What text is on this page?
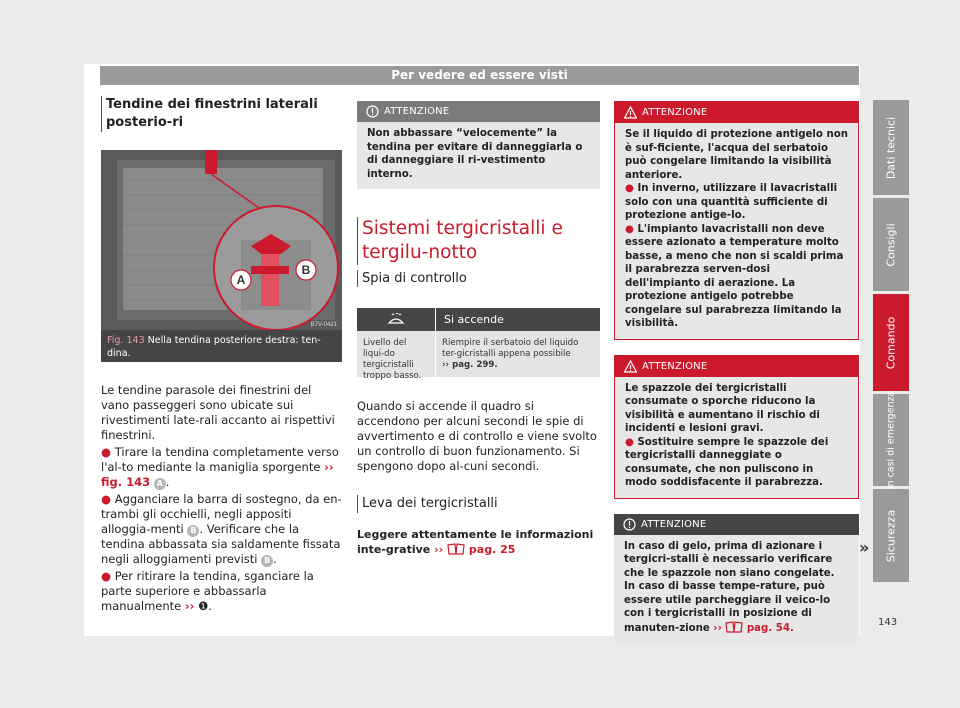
Per vedere ed essere visti
Tendine dei finestrini laterali posterio-ri
A
B
B7V-0421
Fig. 143 Nella tendina posteriore destra: ten-dina.

Le tendine parasole dei finestrini del vano passeggeri sono ubicate sui rivestimenti late-rali accanto ai rispettivi finestrini.

● Tirare la tendina completamente verso l'al-to mediante la maniglia sporgente ›› fig. 143 A .

● Agganciare la barra di sostegno, da en-trambi gli occhielli, negli appositi alloggia-menti B . Verificare che la tendina abbassata sia saldamente fissata negli alloggiamenti previsti B .

● Per ritirare la tendina, sganciare la parte superiore e abbassarla manualmente ›› ❶.

ATTENZIONE
Non abbassare “velocemente” la tendina per evitare di danneggiarla o di danneggiare il ri-vestimento interno.
Sistemi tergicristalli e tergilu-notto
Spia di controllo
Si accende
Livello del liqui-do tergicristalli troppo basso.
Riempire il serbatoio del liquido ter-gicristalli appena possibile
›› pag. 299.
Quando si accende il quadro si accendono per alcuni secondi le spie di avvertimento e di controllo e viene svolto un controllo di buon funzionamento. Si spengono dopo al-cuni secondi.
Leva dei tergicristalli
Leggere attentamente le informazioni inte-grative ›› pag. 25
ATTENZIONE
Se il liquido di protezione antigelo non è suf-ficiente, l'acqua del serbatoio può congelare limitando la visibilità anteriore.
● In inverno, utilizzare il lavacristalli solo con una quantità sufficiente di protezione antige-lo.
● L'impianto lavacristalli non deve essere azionato a temperature molto basse, a meno che non si scaldi prima il parabrezza serven-dosi dell'impianto di aerazione. La protezione antigelo potrebbe congelare sul parabrezza limitando la visibilità.
ATTENZIONE
Le spazzole dei tergicristalli consumate o sporche riducono la visibilità e aumentano il rischio di incidenti e lesioni gravi.
● Sostituire sempre le spazzole dei tergicristalli danneggiate o consumate, che non puliscono in modo soddisfacente il parabrezza.
ATTENZIONE
In caso di gelo, prima di azionare i tergicri-stalli è necessario verificare che le spazzole non siano congelate. In caso di basse tempe-rature, può essere utile parcheggiare il veico-lo con i tergicristalli in posizione di manuten-zione ›› pag. 54.
»
Dati tecnici
Consigli
Comando
In casi di emergenza
Sicurezza
143
